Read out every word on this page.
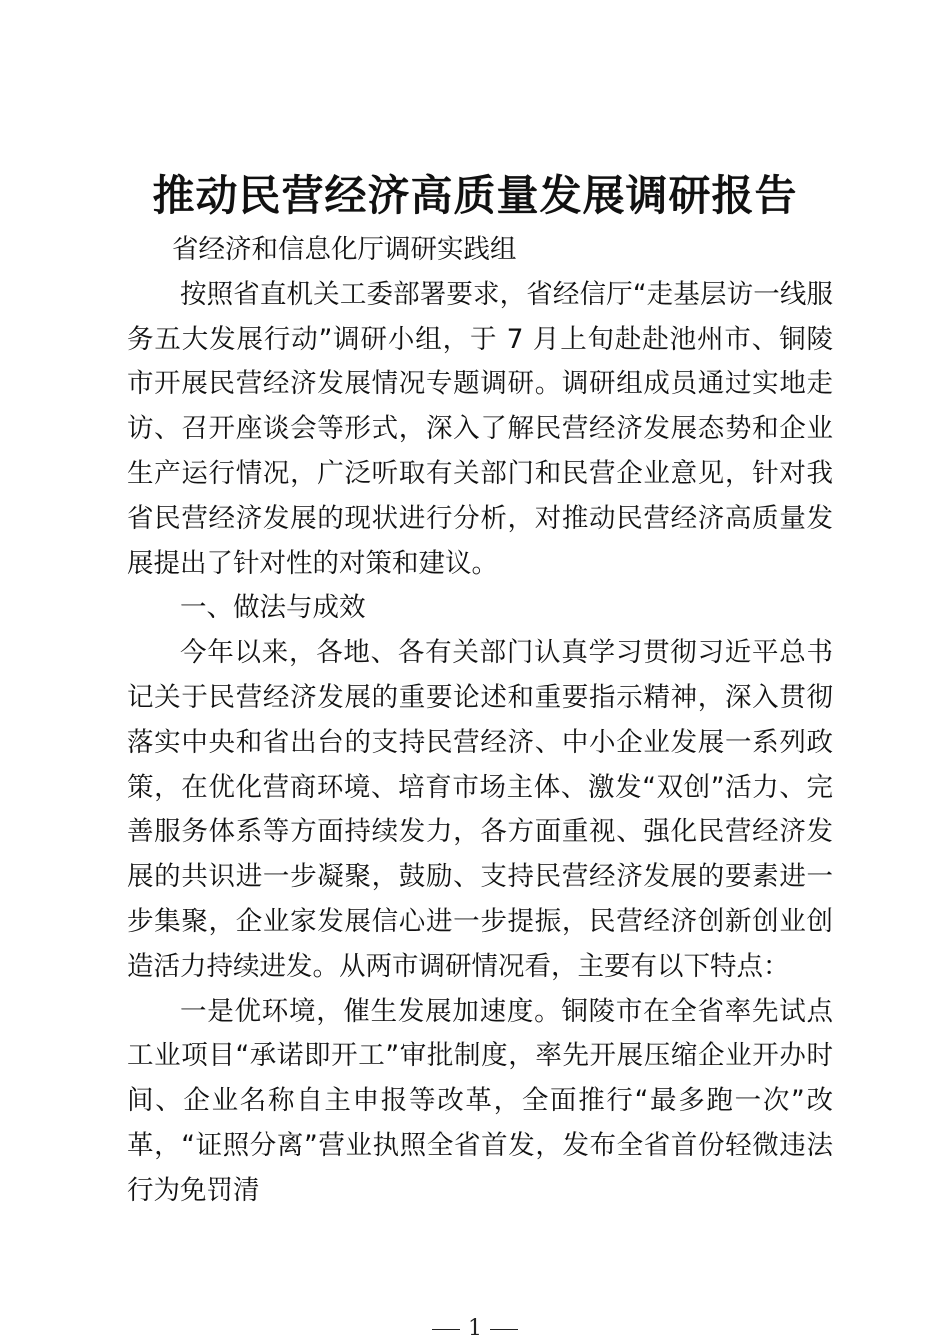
推动民营经济高质量发展调研报告

省经济和信息化厅调研实践组

按照省直机关工委部署要求，省经信厅“走基层访一线服务五大发展行动”调研小组，于 7 月上旬赴赴池州市、铜陵市开展民营经济发展情况专题调研。调研组成员通过实地走访、召开座谈会等形式，深入了解民营经济发展态势和企业生产运行情况，广泛听取有关部门和民营企业意见，针对我省民营经济发展的现状进行分析，对推动民营经济高质量发展提出了针对性的对策和建议。

一、做法与成效

今年以来，各地、各有关部门认真学习贯彻习近平总书记关于民营经济发展的重要论述和重要指示精神，深入贯彻落实中央和省出台的支持民营经济、中小企业发展一系列政策，在优化营商环境、培育市场主体、激发“双创”活力、完善服务体系等方面持续发力，各方面重视、强化民营经济发展的共识进一步凝聚，鼓励、支持民营经济发展的要素进一步集聚，企业家发展信心进一步提振，民营经济创新创业创造活力持续进发。从两市调研情况看，主要有以下特点：

一是优环境，催生发展加速度。铜陵市在全省率先试点工业项目“承诺即开工”审批制度，率先开展压缩企业开办时间、企业名称自主申报等改革，全面推行“最多跑一次”改革，“证照分离”营业执照全省首发，发布全省首份轻微违法行为免罚清

1
